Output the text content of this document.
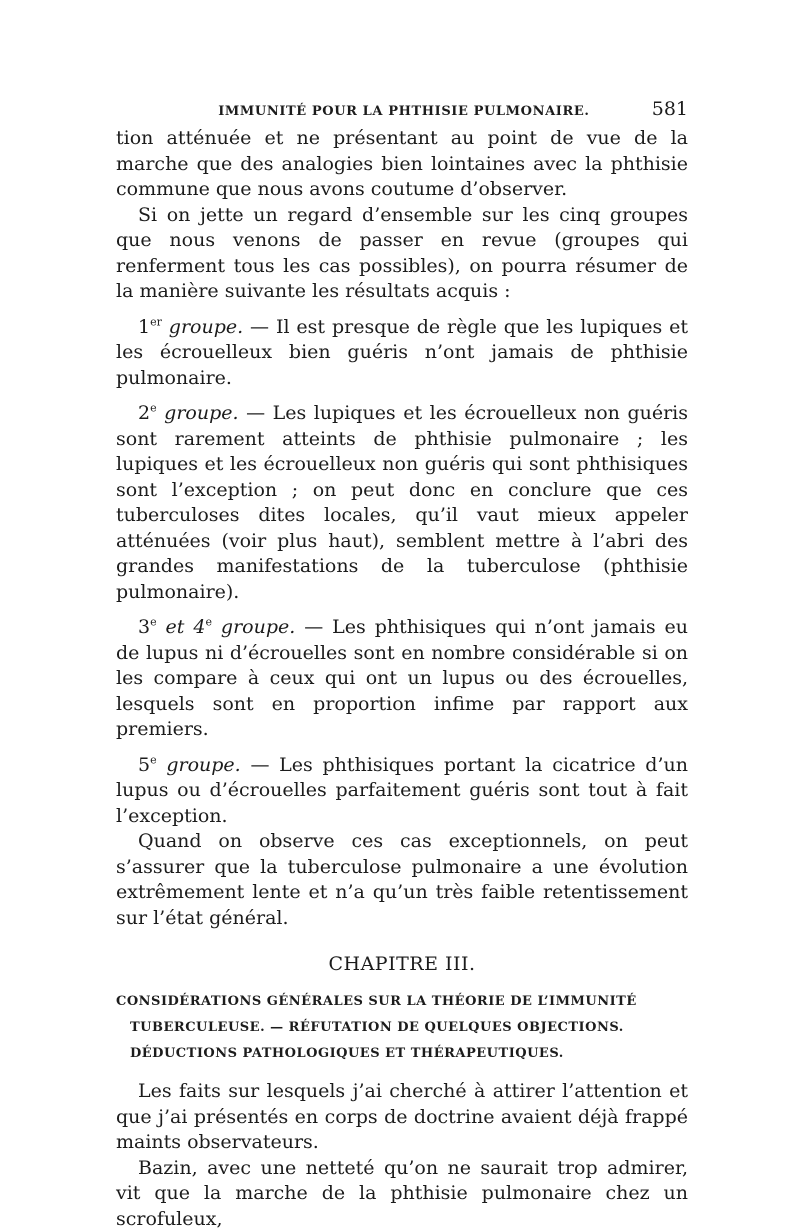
IMMUNITÉ POUR LA PHTHISIE PULMONAIRE.	581

tion atténuée et ne présentant au point de vue de la marche que des analogies bien lointaines avec la phthisie commune que nous avons coutume d’observer.

Si on jette un regard d’ensemble sur les cinq groupes que nous venons de passer en revue (groupes qui renferment tous les cas possibles), on pourra résumer de la manière suivante les résultats acquis :

1er groupe. — Il est presque de règle que les lupiques et les écrouelleux bien guéris n’ont jamais de phthisie pulmonaire.

2e groupe. — Les lupiques et les écrouelleux non guéris sont rarement atteints de phthisie pulmonaire ; les lupiques et les écrouelleux non guéris qui sont phthisiques sont l’exception ; on peut donc en conclure que ces tuberculoses dites locales, qu’il vaut mieux appeler atténuées (voir plus haut), semblent mettre à l’abri des grandes manifestations de la tuberculose (phthisie pulmonaire).

3e et 4e groupe. — Les phthisiques qui n’ont jamais eu de lupus ni d’écrouelles sont en nombre considérable si on les compare à ceux qui ont un lupus ou des écrouelles, lesquels sont en proportion infime par rapport aux premiers.

5e groupe. — Les phthisiques portant la cicatrice d’un lupus ou d’écrouelles parfaitement guéris sont tout à fait l’exception.

Quand on observe ces cas exceptionnels, on peut s’assurer que la tuberculose pulmonaire a une évolution extrêmement lente et n’a qu’un très faible retentissement sur l’état général.

CHAPITRE III.
CONSIDÉRATIONS GÉNÉRALES SUR LA THÉORIE DE L’IMMUNITÉ TUBERCULEUSE. — RÉFUTATION DE QUELQUES OBJECTIONS. DÉDUCTIONS PATHOLOGIQUES ET THÉRAPEUTIQUES.

Les faits sur lesquels j’ai cherché à attirer l’attention et que j’ai présentés en corps de doctrine avaient déjà frappé maints observateurs.

Bazin, avec une netteté qu’on ne saurait trop admirer, vit que la marche de la phthisie pulmonaire chez un scrofuleux,
